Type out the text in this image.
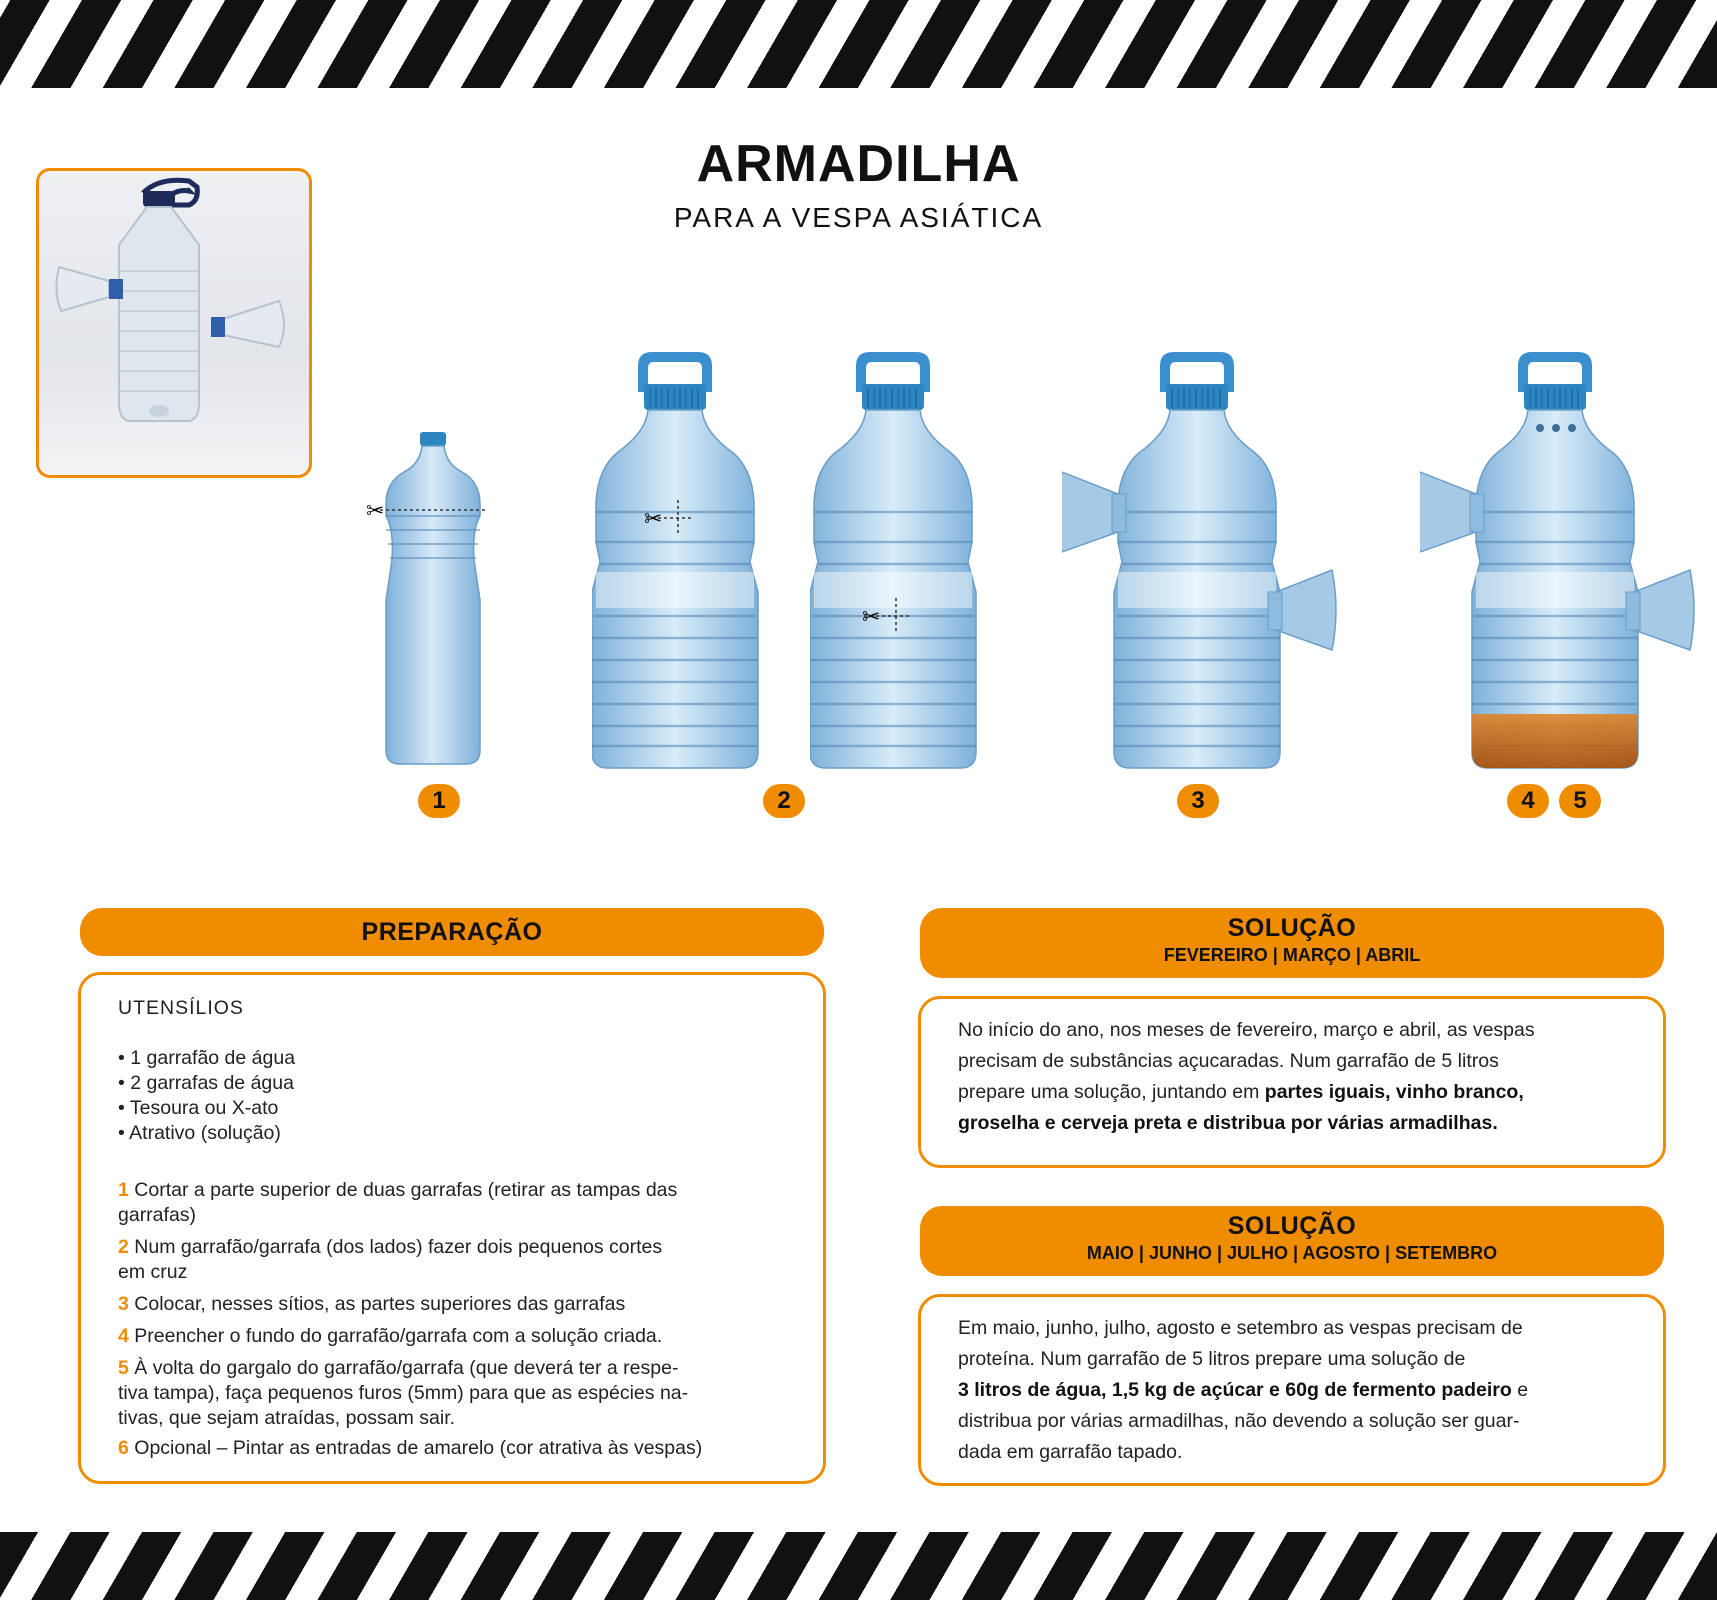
ARMADILHA
PARA A VESPA ASIÁTICA
✂	✂
✂
1	2	3	4	5
PREPARAÇÃO
UTENSÍLIOS
• 1 garrafão de água
• 2 garrafas de água
• Tesoura ou X-ato
• Atrativo (solução)
1 Cortar a parte superior de duas garrafas (retirar as tampas das
garrafas)
2 Num garrafão/garrafa (dos lados) fazer dois pequenos cortes
em cruz
3 Colocar, nesses sítios, as partes superiores das garrafas
4 Preencher o fundo do garrafão/garrafa com a solução criada.
5 À volta do gargalo do garrafão/garrafa (que deverá ter a respe-
tiva tampa), faça pequenos furos (5mm) para que as espécies na-
tivas, que sejam atraídas, possam sair.
6 Opcional – Pintar as entradas de amarelo (cor atrativa às vespas)
SOLUÇÃO
FEVEREIRO | MARÇO | ABRIL
No início do ano, nos meses de fevereiro, março e abril, as vespas
precisam de substâncias açucaradas. Num garrafão de 5 litros
prepare uma solução, juntando em partes iguais, vinho branco,
groselha e cerveja preta e distribua por várias armadilhas.
SOLUÇÃO
MAIO | JUNHO | JULHO | AGOSTO | SETEMBRO
Em maio, junho, julho, agosto e setembro as vespas precisam de
proteína. Num garrafão de 5 litros prepare uma solução de
3 litros de água, 1,5 kg de açúcar e 60g de fermento padeiro e
distribua por várias armadilhas, não devendo a solução ser guar-
dada em garrafão tapado.
